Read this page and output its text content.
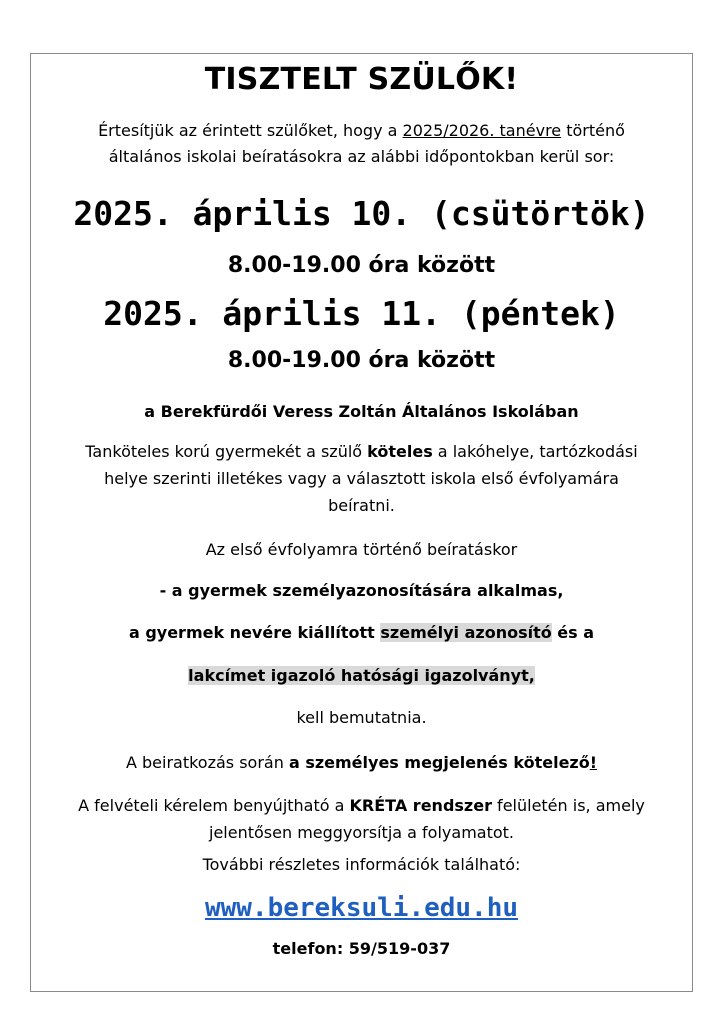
TISZTELT SZÜLŐK!
Értesítjük az érintett szülőket, hogy a 2025/2026. tanévre történő
általános iskolai beíratásokra az alábbi időpontokban kerül sor:
2025. április 10. (csütörtök)
8.00-19.00 óra között
2025. április 11. (péntek)
8.00-19.00 óra között
a Berekfürdői Veress Zoltán Általános Iskolában
Tanköteles korú gyermekét a szülő köteles a lakóhelye, tartózkodási
helye szerinti illetékes vagy a választott iskola első évfolyamára
beíratni.
Az első évfolyamra történő beíratáskor
- a gyermek személyazonosítására alkalmas,
a gyermek nevére kiállított személyi azonosító és a
lakcímet igazoló hatósági igazolványt,
kell bemutatnia.
A beiratkozás során a személyes megjelenés kötelező!
A felvételi kérelem benyújtható a KRÉTA rendszer felületén is, amely
jelentősen meggyorsítja a folyamatot.
További részletes információk található:
www.bereksuli.edu.hu
telefon: 59/519-037
